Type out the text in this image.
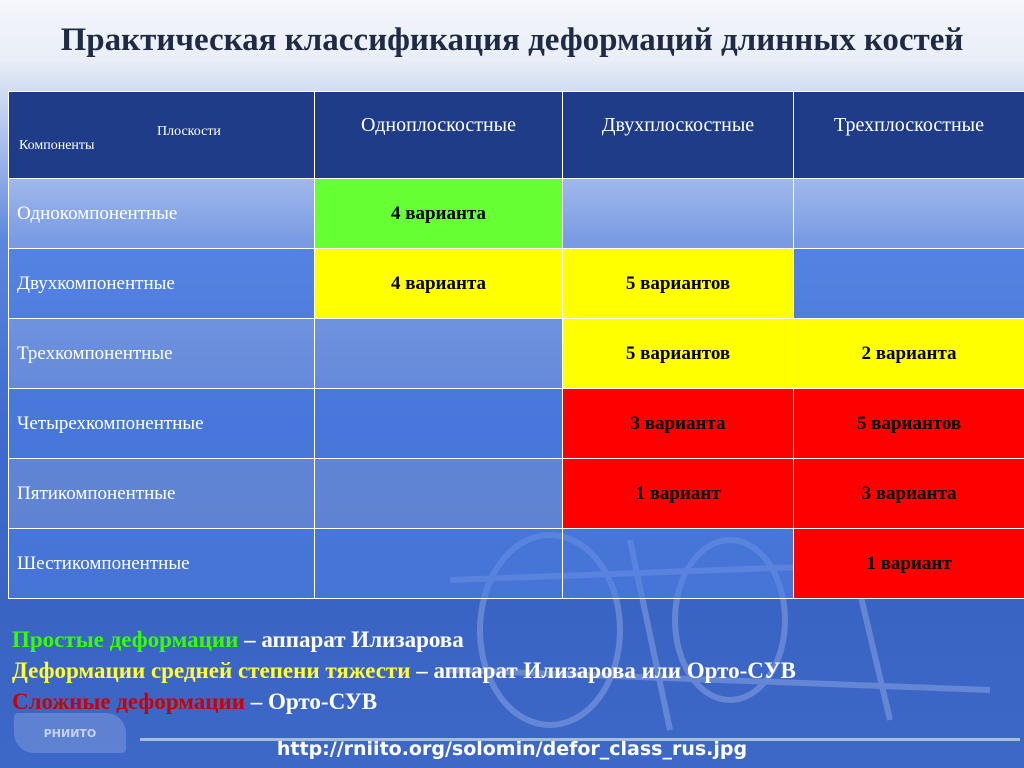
Практическая классификация деформаций длинных костей
Плоскости
Компоненты	Одноплоскостные	Двухплоскостные	Трехплоскостные
Однокомпонентные	4 варианта		
Двухкомпонентные	4 варианта	5 вариантов	
Трехкомпонентные		5 вариантов	2 варианта
Четырехкомпонентные		3 варианта	5 вариантов
Пятикомпонентные		1 вариант	3 варианта
Шестикомпонентные			1 вариант
Простые деформации – аппарат Илизарова
Деформации средней степени тяжести – аппарат Илизарова или Орто-СУВ
Сложные деформации – Орто-СУВ
РНИИТО
http://rniito.org/solomin/defor_class_rus.jpg
